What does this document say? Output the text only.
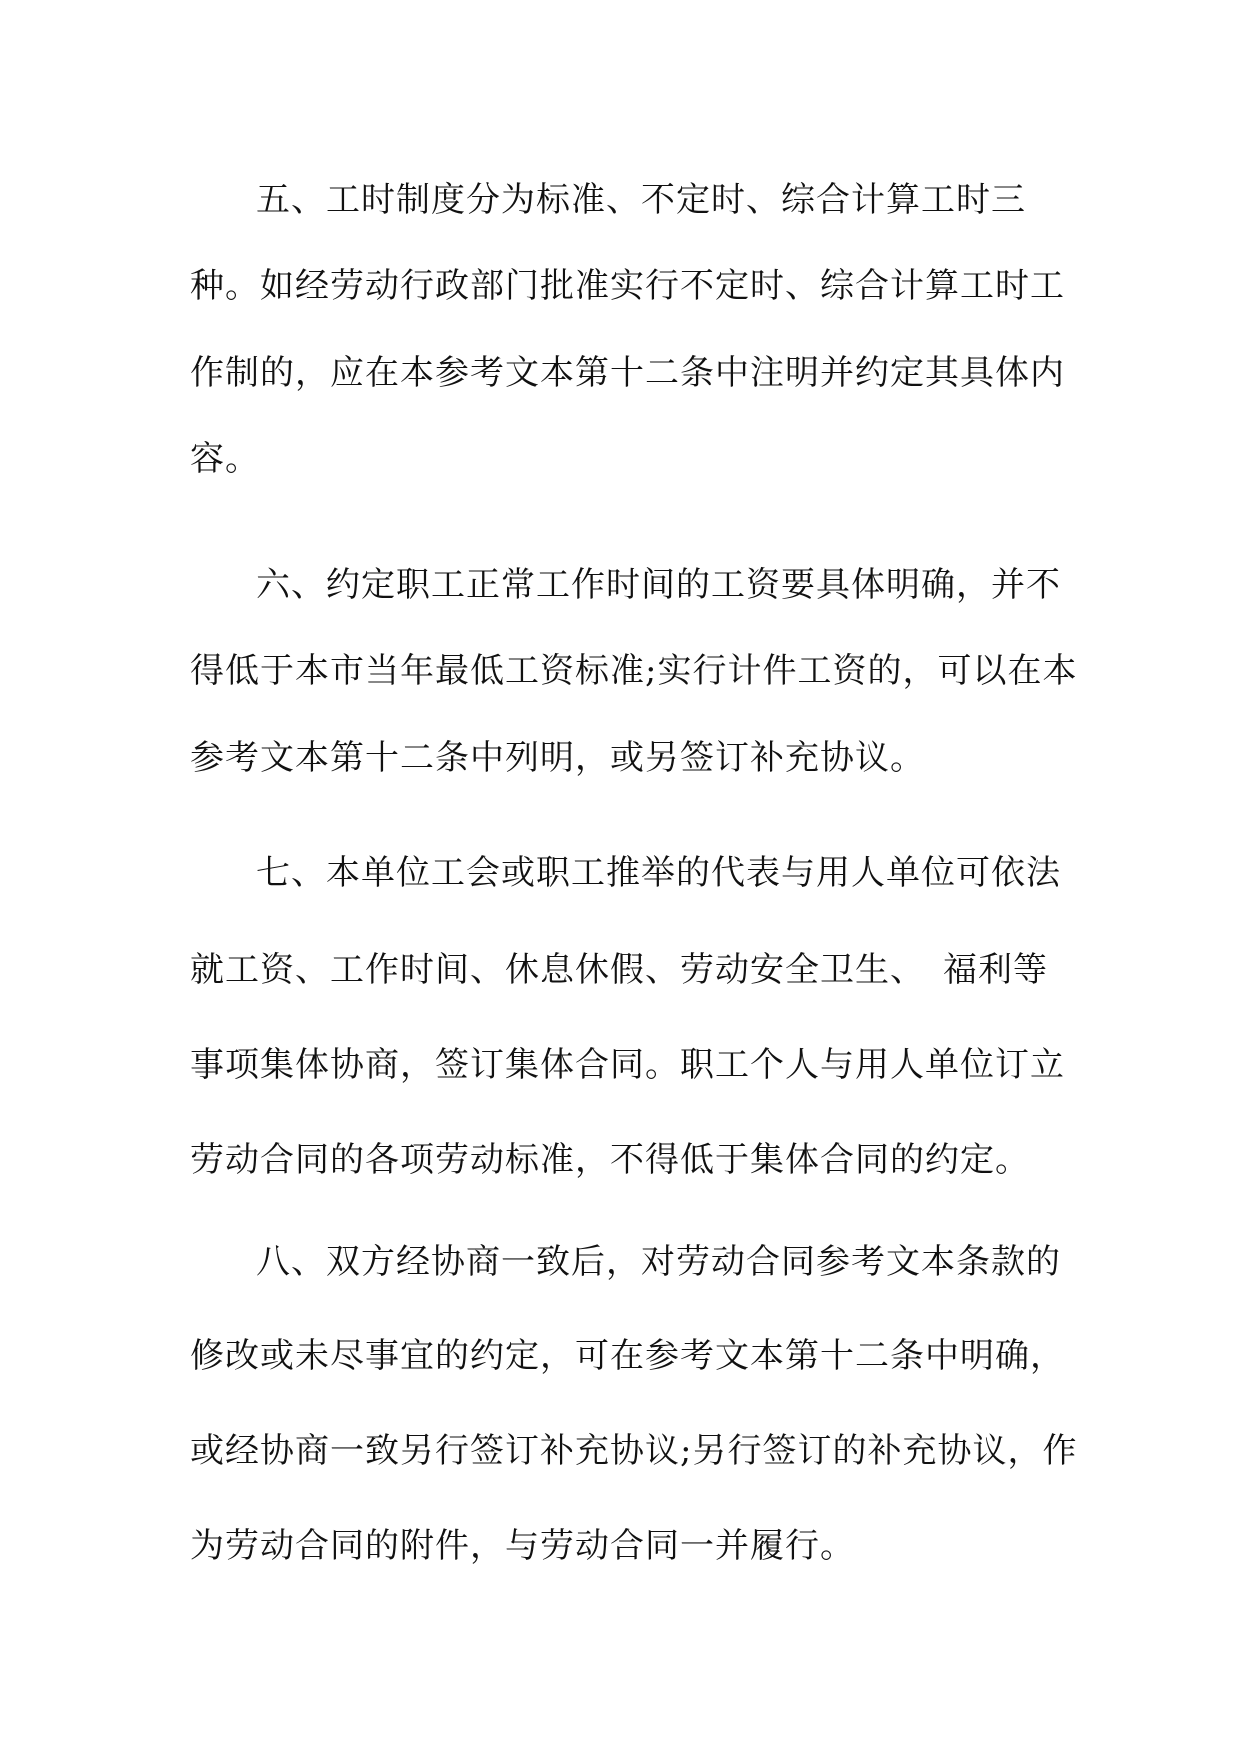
五、工时制度分为标准、不定时、综合计算工时三
种。如经劳动行政部门批准实行不定时、综合计算工时工
作制的，应在本参考文本第十二条中注明并约定其具体内
容。
六、约定职工正常工作时间的工资要具体明确，并不
得低于本市当年最低工资标准;实行计件工资的，可以在本
参考文本第十二条中列明，或另签订补充协议。
七、本单位工会或职工推举的代表与用人单位可依法
就工资、工作时间、休息休假、劳动安全卫生、　福利等
事项集体协商，签订集体合同。职工个人与用人单位订立
劳动合同的各项劳动标准，不得低于集体合同的约定。
八、双方经协商一致后，对劳动合同参考文本条款的
修改或未尽事宜的约定，可在参考文本第十二条中明确，
或经协商一致另行签订补充协议;另行签订的补充协议，作
为劳动合同的附件，与劳动合同一并履行。
